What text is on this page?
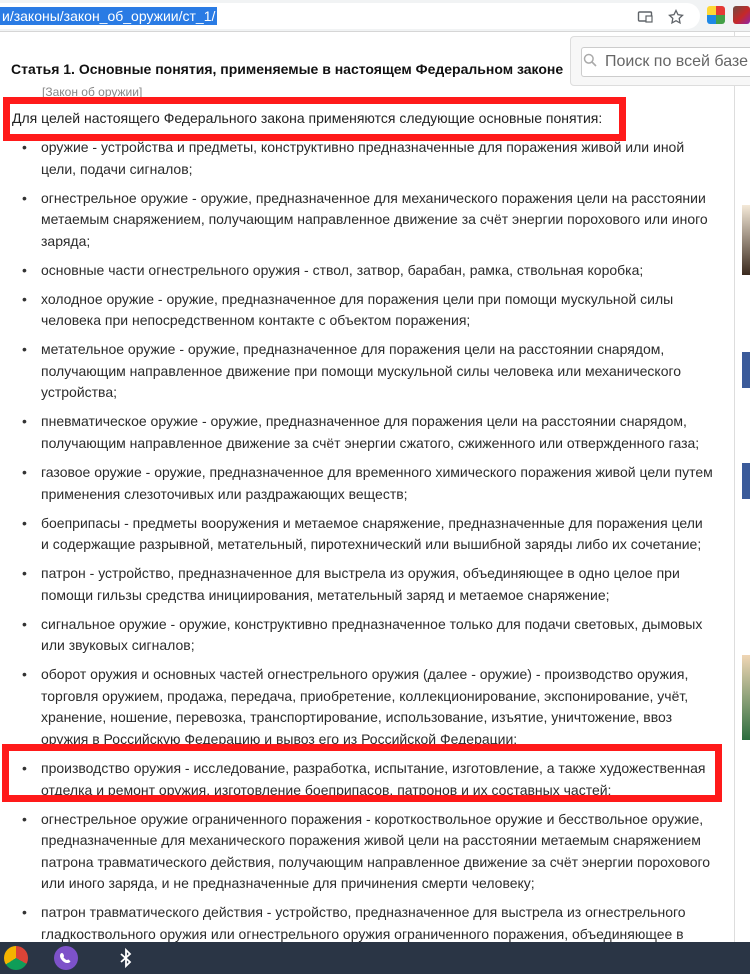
и/законы/закон_об_оружии/ст_1/
Поиск по всей базе
Статья 1. Основные понятия, применяемые в настоящем Федеральном законе
[Закон об оружии]
Для целей настоящего Федерального закона применяются следующие основные понятия:
• оружие - устройства и предметы, конструктивно предназначенные для поражения живой или иной цели, подачи сигналов;
• огнестрельное оружие - оружие, предназначенное для механического поражения цели на расстоянии метаемым снаряжением, получающим направленное движение за счёт энергии порохового или иного заряда;
• основные части огнестрельного оружия - ствол, затвор, барабан, рамка, ствольная коробка;
• холодное оружие - оружие, предназначенное для поражения цели при помощи мускульной силы человека при непосредственном контакте с объектом поражения;
• метательное оружие - оружие, предназначенное для поражения цели на расстоянии снарядом, получающим направленное движение при помощи мускульной силы человека или механического устройства;
• пневматическое оружие - оружие, предназначенное для поражения цели на расстоянии снарядом, получающим направленное движение за счёт энергии сжатого, сжиженного или отвержденного газа;
• газовое оружие - оружие, предназначенное для временного химического поражения живой цели путем применения слезоточивых или раздражающих веществ;
• боеприпасы - предметы вооружения и метаемое снаряжение, предназначенные для поражения цели и содержащие разрывной, метательный, пиротехнический или вышибной заряды либо их сочетание;
• патрон - устройство, предназначенное для выстрела из оружия, объединяющее в одно целое при помощи гильзы средства инициирования, метательный заряд и метаемое снаряжение;
• сигнальное оружие - оружие, конструктивно предназначенное только для подачи световых, дымовых или звуковых сигналов;
• оборот оружия и основных частей огнестрельного оружия (далее - оружие) - производство оружия, торговля оружием, продажа, передача, приобретение, коллекционирование, экспонирование, учёт, хранение, ношение, перевозка, транспортирование, использование, изъятие, уничтожение, ввоз оружия в Российскую Федерацию и вывоз его из Российской Федерации;
• производство оружия - исследование, разработка, испытание, изготовление, а также художественная отделка и ремонт оружия, изготовление боеприпасов, патронов и их составных частей;
• огнестрельное оружие ограниченного поражения - короткоствольное оружие и бесствольное оружие, предназначенные для механического поражения живой цели на расстоянии метаемым снаряжением патрона травматического действия, получающим направленное движение за счёт энергии порохового или иного заряда, и не предназначенные для причинения смерти человеку;
• патрон травматического действия - устройство, предназначенное для выстрела из огнестрельного гладкоствольного оружия или огнестрельного оружия ограниченного поражения, объединяющее в
